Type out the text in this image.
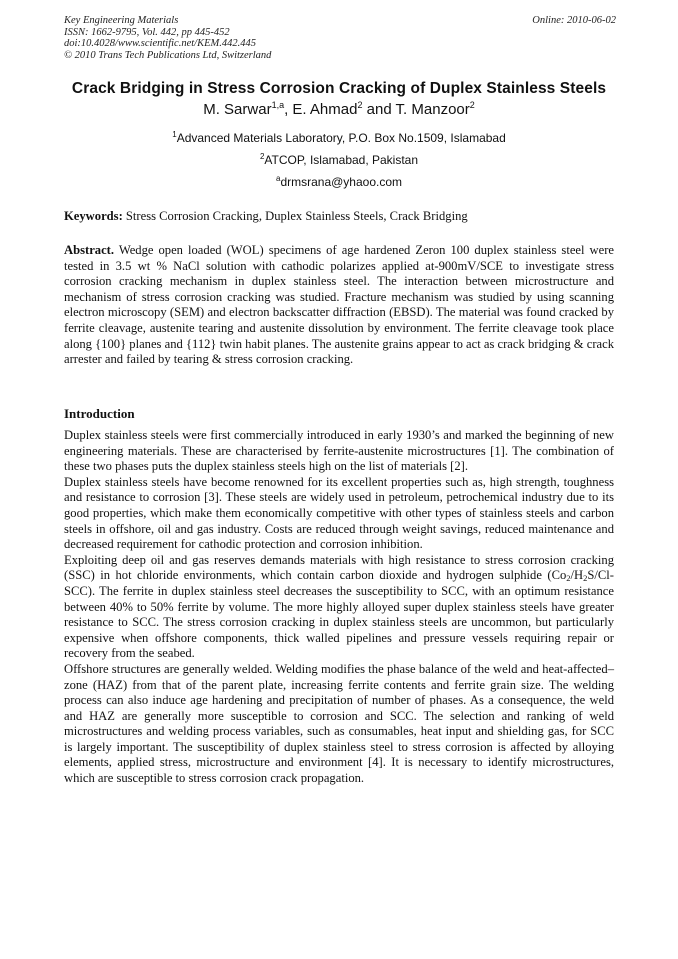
Key Engineering Materials
ISSN: 1662-9795, Vol. 442, pp 445-452
doi:10.4028/www.scientific.net/KEM.442.445
© 2010 Trans Tech Publications Ltd, Switzerland
Online: 2010-06-02
Crack Bridging in Stress Corrosion Cracking of Duplex Stainless Steels
M. Sarwar$^{1,a}$, E. Ahmad$^2$ and T. Manzoor$^2$
$^1$Advanced Materials Laboratory, P.O. Box No.1509, Islamabad
$^2$ATCOP, Islamabad, Pakistan
$^a$drmsrana@yhaoo.com

Keywords: Stress Corrosion Cracking, Duplex Stainless Steels, Crack Bridging

Abstract. Wedge open loaded (WOL) specimens of age hardened Zeron 100 duplex stainless steel were tested in 3.5 wt % NaCl solution with cathodic polarizes applied at-900mV/SCE to investigate stress corrosion cracking mechanism in duplex stainless steel. The interaction between microstructure and mechanism of stress corrosion cracking was studied. Fracture mechanism was studied by using scanning electron microscopy (SEM) and electron backscatter diffraction (EBSD). The material was found cracked by ferrite cleavage, austenite tearing and austenite dissolution by environment. The ferrite cleavage took place along {100} planes and {112} twin habit planes. The austenite grains appear to act as crack bridging & crack arrester and failed by tearing & stress corrosion cracking.

Introduction

Duplex stainless steels were first commercially introduced in early 1930’s and marked the beginning of new engineering materials. These are characterised by ferrite-austenite microstructures [1]. The combination of these two phases puts the duplex stainless steels high on the list of materials [2].

Duplex stainless steels have become renowned for its excellent properties such as, high strength, toughness and resistance to corrosion [3]. These steels are widely used in petroleum, petrochemical industry due to its good properties, which make them economically competitive with other types of stainless steels and carbon steels in offshore, oil and gas industry. Costs are reduced through weight savings, reduced maintenance and decreased requirement for cathodic protection and corrosion inhibition.

Exploiting deep oil and gas reserves demands materials with high resistance to stress corrosion cracking (SSC) in hot chloride environments, which contain carbon dioxide and hydrogen sulphide ($Co_2/H_2S/Cl-$ SCC). The ferrite in duplex stainless steel decreases the susceptibility to SCC, with an optimum resistance between 40% to 50% ferrite by volume. The more highly alloyed super duplex stainless steels have greater resistance to SCC. The stress corrosion cracking in duplex stainless steels are uncommon, but particularly expensive when offshore components, thick walled pipelines and pressure vessels requiring repair or recovery from the seabed.

Offshore structures are generally welded. Welding modifies the phase balance of the weld and heat-affected–zone (HAZ) from that of the parent plate, increasing ferrite contents and ferrite grain size. The welding process can also induce age hardening and precipitation of number of phases. As a consequence, the weld and HAZ are generally more susceptible to corrosion and SCC. The selection and ranking of weld microstructures and welding process variables, such as consumables, heat input and shielding gas, for SCC is largely important. The susceptibility of duplex stainless steel to stress corrosion is affected by alloying elements, applied stress, microstructure and environment [4]. It is necessary to identify microstructures, which are susceptible to stress corrosion crack propagation.
